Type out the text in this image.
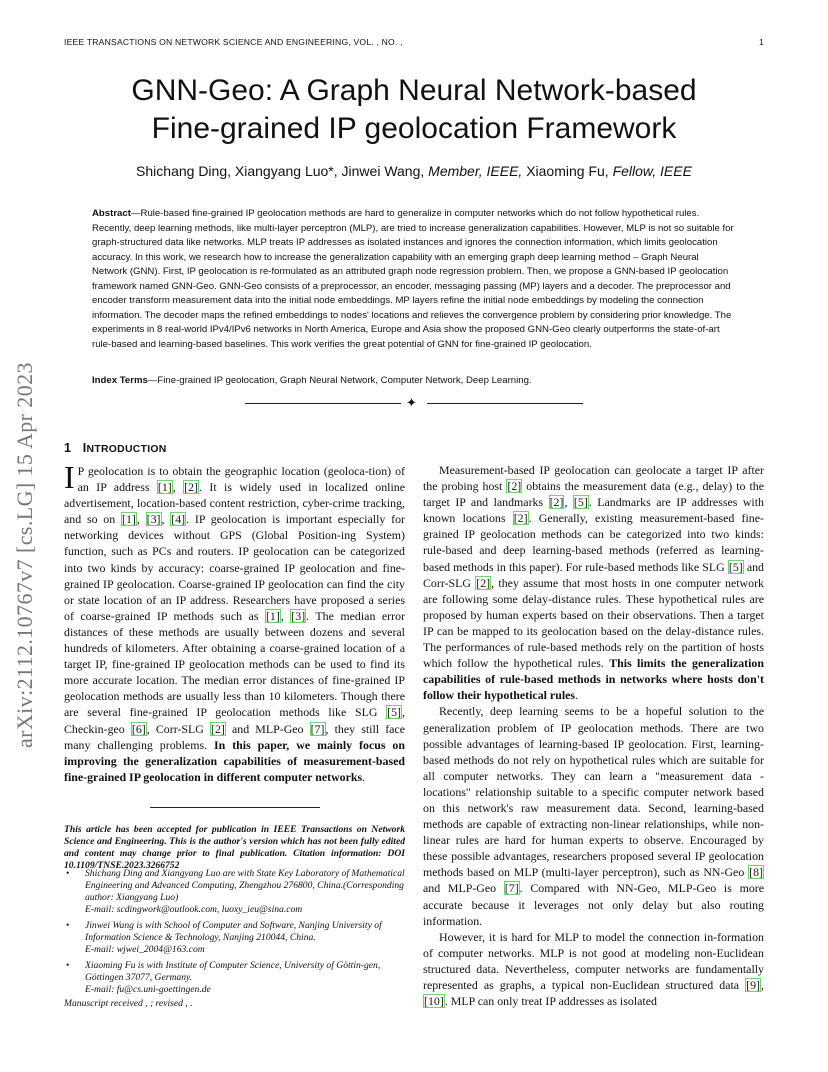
IEEE TRANSACTIONS ON NETWORK SCIENCE AND ENGINEERING, VOL. , NO. ,	1
arXiv:2112.10767v7 [cs.LG] 15 Apr 2023
GNN-Geo: A Graph Neural Network-based
Fine-grained IP geolocation Framework
Shichang Ding, Xiangyang Luo*, Jinwei Wang, Member, IEEE, Xiaoming Fu, Fellow, IEEE
Abstract—Rule-based fine-grained IP geolocation methods are hard to generalize in computer networks which do not follow hypothetical rules. Recently, deep learning methods, like multi-layer perceptron (MLP), are tried to increase generalization capabilities. However, MLP is not so suitable for graph-structured data like networks. MLP treats IP addresses as isolated instances and ignores the connection information, which limits geolocation accuracy. In this work, we research how to increase the generalization capability with an emerging graph deep learning method – Graph Neural Network (GNN). First, IP geolocation is re-formulated as an attributed graph node regression problem. Then, we propose a GNN-based IP geolocation framework named GNN-Geo. GNN-Geo consists of a preprocessor, an encoder, messaging passing (MP) layers and a decoder. The preprocessor and encoder transform measurement data into the initial node embeddings. MP layers refine the initial node embeddings by modeling the connection information. The decoder maps the refined embeddings to nodes' locations and relieves the convergence problem by considering prior knowledge. The experiments in 8 real-world IPv4/IPv6 networks in North America, Europe and Asia show the proposed GNN-Geo clearly outperforms the state-of-art rule-based and learning-based baselines. This work verifies the great potential of GNN for fine-grained IP geolocation.
Index Terms—Fine-grained IP geolocation, Graph Neural Network, Computer Network, Deep Learning.
✦
1 INTRODUCTION

I P geolocation is to obtain the geographic location (geoloca-tion) of an IP address [1], [2]. It is widely used in localized online advertisement, location-based content restriction, cyber-crime tracking, and so on [1], [3], [4]. IP geolocation is important especially for networking devices without GPS (Global Position-ing System) function, such as PCs and routers. IP geolocation can be categorized into two kinds by accuracy: coarse-grained IP geolocation and fine-grained IP geolocation. Coarse-grained IP geolocation can find the city or state location of an IP address. Researchers have proposed a series of coarse-grained IP methods such as [1], [3]. The median error distances of these methods are usually between dozens and several hundreds of kilometers. After obtaining a coarse-grained location of a target IP, fine-grained IP geolocation methods can be used to find its more accurate location. The median error distances of fine-grained IP geolocation methods are usually less than 10 kilometers. Though there are several fine-grained IP geolocation methods like SLG [5], Checkin-geo [6], Corr-SLG [2] and MLP-Geo [7], they still face many challenging problems. In this paper, we mainly focus on improving the generalization capabilities of measurement-based fine-grained IP geolocation in different computer networks.

Measurement-based IP geolocation can geolocate a target IP after the probing host [2] obtains the measurement data (e.g., delay) to the target IP and landmarks [2], [5]. Landmarks are IP addresses with known locations [2]. Generally, existing measurement-based fine-grained IP geolocation methods can be categorized into two kinds: rule-based and deep learning-based methods (referred as learning-based methods in this paper). For rule-based methods like SLG [5] and Corr-SLG [2], they assume that most hosts in one computer network are following some delay-distance rules. These hypothetical rules are proposed by human experts based on their observations. Then a target IP can be mapped to its geolocation based on the delay-distance rules. The performances of rule-based methods rely on the partition of hosts which follow the hypothetical rules. This limits the generalization capabilities of rule-based methods in networks where hosts don't follow their hypothetical rules.

Recently, deep learning seems to be a hopeful solution to the generalization problem of IP geolocation methods. There are two possible advantages of learning-based IP geolocation. First, learning-based methods do not rely on hypothetical rules which are suitable for all computer networks. They can learn a "measurement data - locations" relationship suitable to a specific computer network based on this network's raw measurement data. Second, learning-based methods are capable of extracting non-linear relationships, while non-linear rules are hard for human experts to observe. Encouraged by these possible advantages, researchers proposed several IP geolocation methods based on MLP (multi-layer perceptron), such as NN-Geo [8] and MLP-Geo [7]. Compared with NN-Geo, MLP-Geo is more accurate because it leverages not only delay but also routing information.

However, it is hard for MLP to model the connection in-formation of computer networks. MLP is not good at modeling non-Euclidean structured data. Nevertheless, computer networks are fundamentally represented as graphs, a typical non-Euclidean structured data [9], [10]. MLP can only treat IP addresses as isolated

This article has been accepted for publication in IEEE Transactions on Network Science and Engineering. This is the author's version which has not been fully edited and content may change prior to final publication. Citation information: DOI 10.1109/TNSE.2023.3266752
• Shichang Ding and Xiangyang Luo are with State Key Laboratory of Mathematical Engineering and Advanced Computing, Zhengzhou 276800, China.(Corresponding author: Xiangyang Luo)
E-mail: scdingwork@outlook.com, luoxy_ieu@sina.com
• Jinwei Wang is with School of Computer and Software, Nanjing University of Information Science & Technology, Nanjing 210044, China.
E-mail: wjwei_2004@163.com
• Xiaoming Fu is with Institute of Computer Science, University of Göttin-gen, Göttingen 37077, Germany.
E-mail: fu@cs.uni-goettingen.de
Manuscript received , ; revised , .
